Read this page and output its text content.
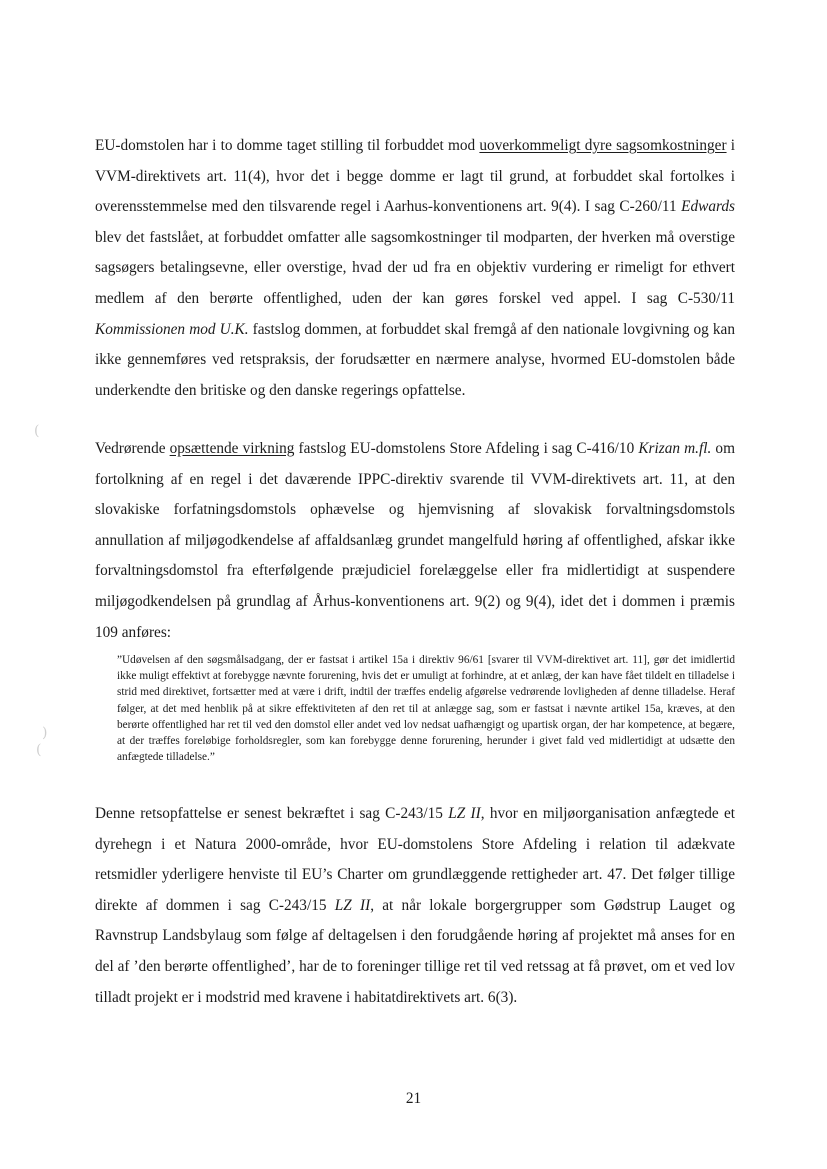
EU-domstolen har i to domme taget stilling til forbuddet mod uoverkommeligt dyre sagsomkostninger i VVM-direktivets art. 11(4), hvor det i begge domme er lagt til grund, at forbuddet skal fortolkes i overensstemmelse med den tilsvarende regel i Aarhus-konventionens art. 9(4). I sag C-260/11 Edwards blev det fastslået, at forbuddet omfatter alle sagsomkostninger til modparten, der hverken må overstige sagsøgers betalingsevne, eller overstige, hvad der ud fra en objektiv vurdering er rimeligt for ethvert medlem af den berørte offentlighed, uden der kan gøres forskel ved appel. I sag C-530/11 Kommissionen mod U.K. fastslog dommen, at forbuddet skal fremgå af den nationale lovgivning og kan ikke gennemføres ved retspraksis, der forudsætter en nærmere analyse, hvormed EU-domstolen både underkendte den britiske og den danske regerings opfattelse.

Vedrørende opsættende virkning fastslog EU-domstolens Store Afdeling i sag C-416/10 Krizan m.fl. om fortolkning af en regel i det daværende IPPC-direktiv svarende til VVM-direktivets art. 11, at den slovakiske forfatningsdomstols ophævelse og hjemvisning af slovakisk forvaltningsdomstols annullation af miljøgodkendelse af affaldsanlæg grundet mangelfuld høring af offentlighed, afskar ikke forvaltningsdomstol fra efterfølgende præjudiciel forelæggelse eller fra midlertidigt at suspendere miljøgodkendelsen på grundlag af Århus-konventionens art. 9(2) og 9(4), idet det i dommen i præmis 109 anføres:

”Udøvelsen af den søgsmålsadgang, der er fastsat i artikel 15a i direktiv 96/61 [svarer til VVM-direktivet art. 11], gør det imidlertid ikke muligt effektivt at forebygge nævnte forurening, hvis det er umuligt at forhindre, at et anlæg, der kan have fået tildelt en tilladelse i strid med direktivet, fortsætter med at være i drift, indtil der træffes endelig afgørelse vedrørende lovligheden af denne tilladelse. Heraf følger, at det med henblik på at sikre effektiviteten af den ret til at anlægge sag, som er fastsat i nævnte artikel 15a, kræves, at den berørte offentlighed har ret til ved den domstol eller andet ved lov nedsat uafhængigt og upartisk organ, der har kompetence, at begære, at der træffes foreløbige forholdsregler, som kan forebygge denne forurening, herunder i givet fald ved midlertidigt at udsætte den anfægtede tilladelse.”

Denne retsopfattelse er senest bekræftet i sag C-243/15 LZ II, hvor en miljøorganisation anfægtede et dyrehegn i et Natura 2000-område, hvor EU-domstolens Store Afdeling i relation til adækvate retsmidler yderligere henviste til EU’s Charter om grundlæggende rettigheder art. 47. Det følger tillige direkte af dommen i sag C-243/15 LZ II, at når lokale borgergrupper som Gødstrup Lauget og Ravnstrup Landsbylaug som følge af deltagelsen i den forudgående høring af projektet må anses for en del af ’den berørte offentlighed’, har de to foreninger tillige ret til ved retssag at få prøvet, om et ved lov tilladt projekt er i modstrid med kravene i habitatdirektivets art. 6(3).

(
)
(
21
